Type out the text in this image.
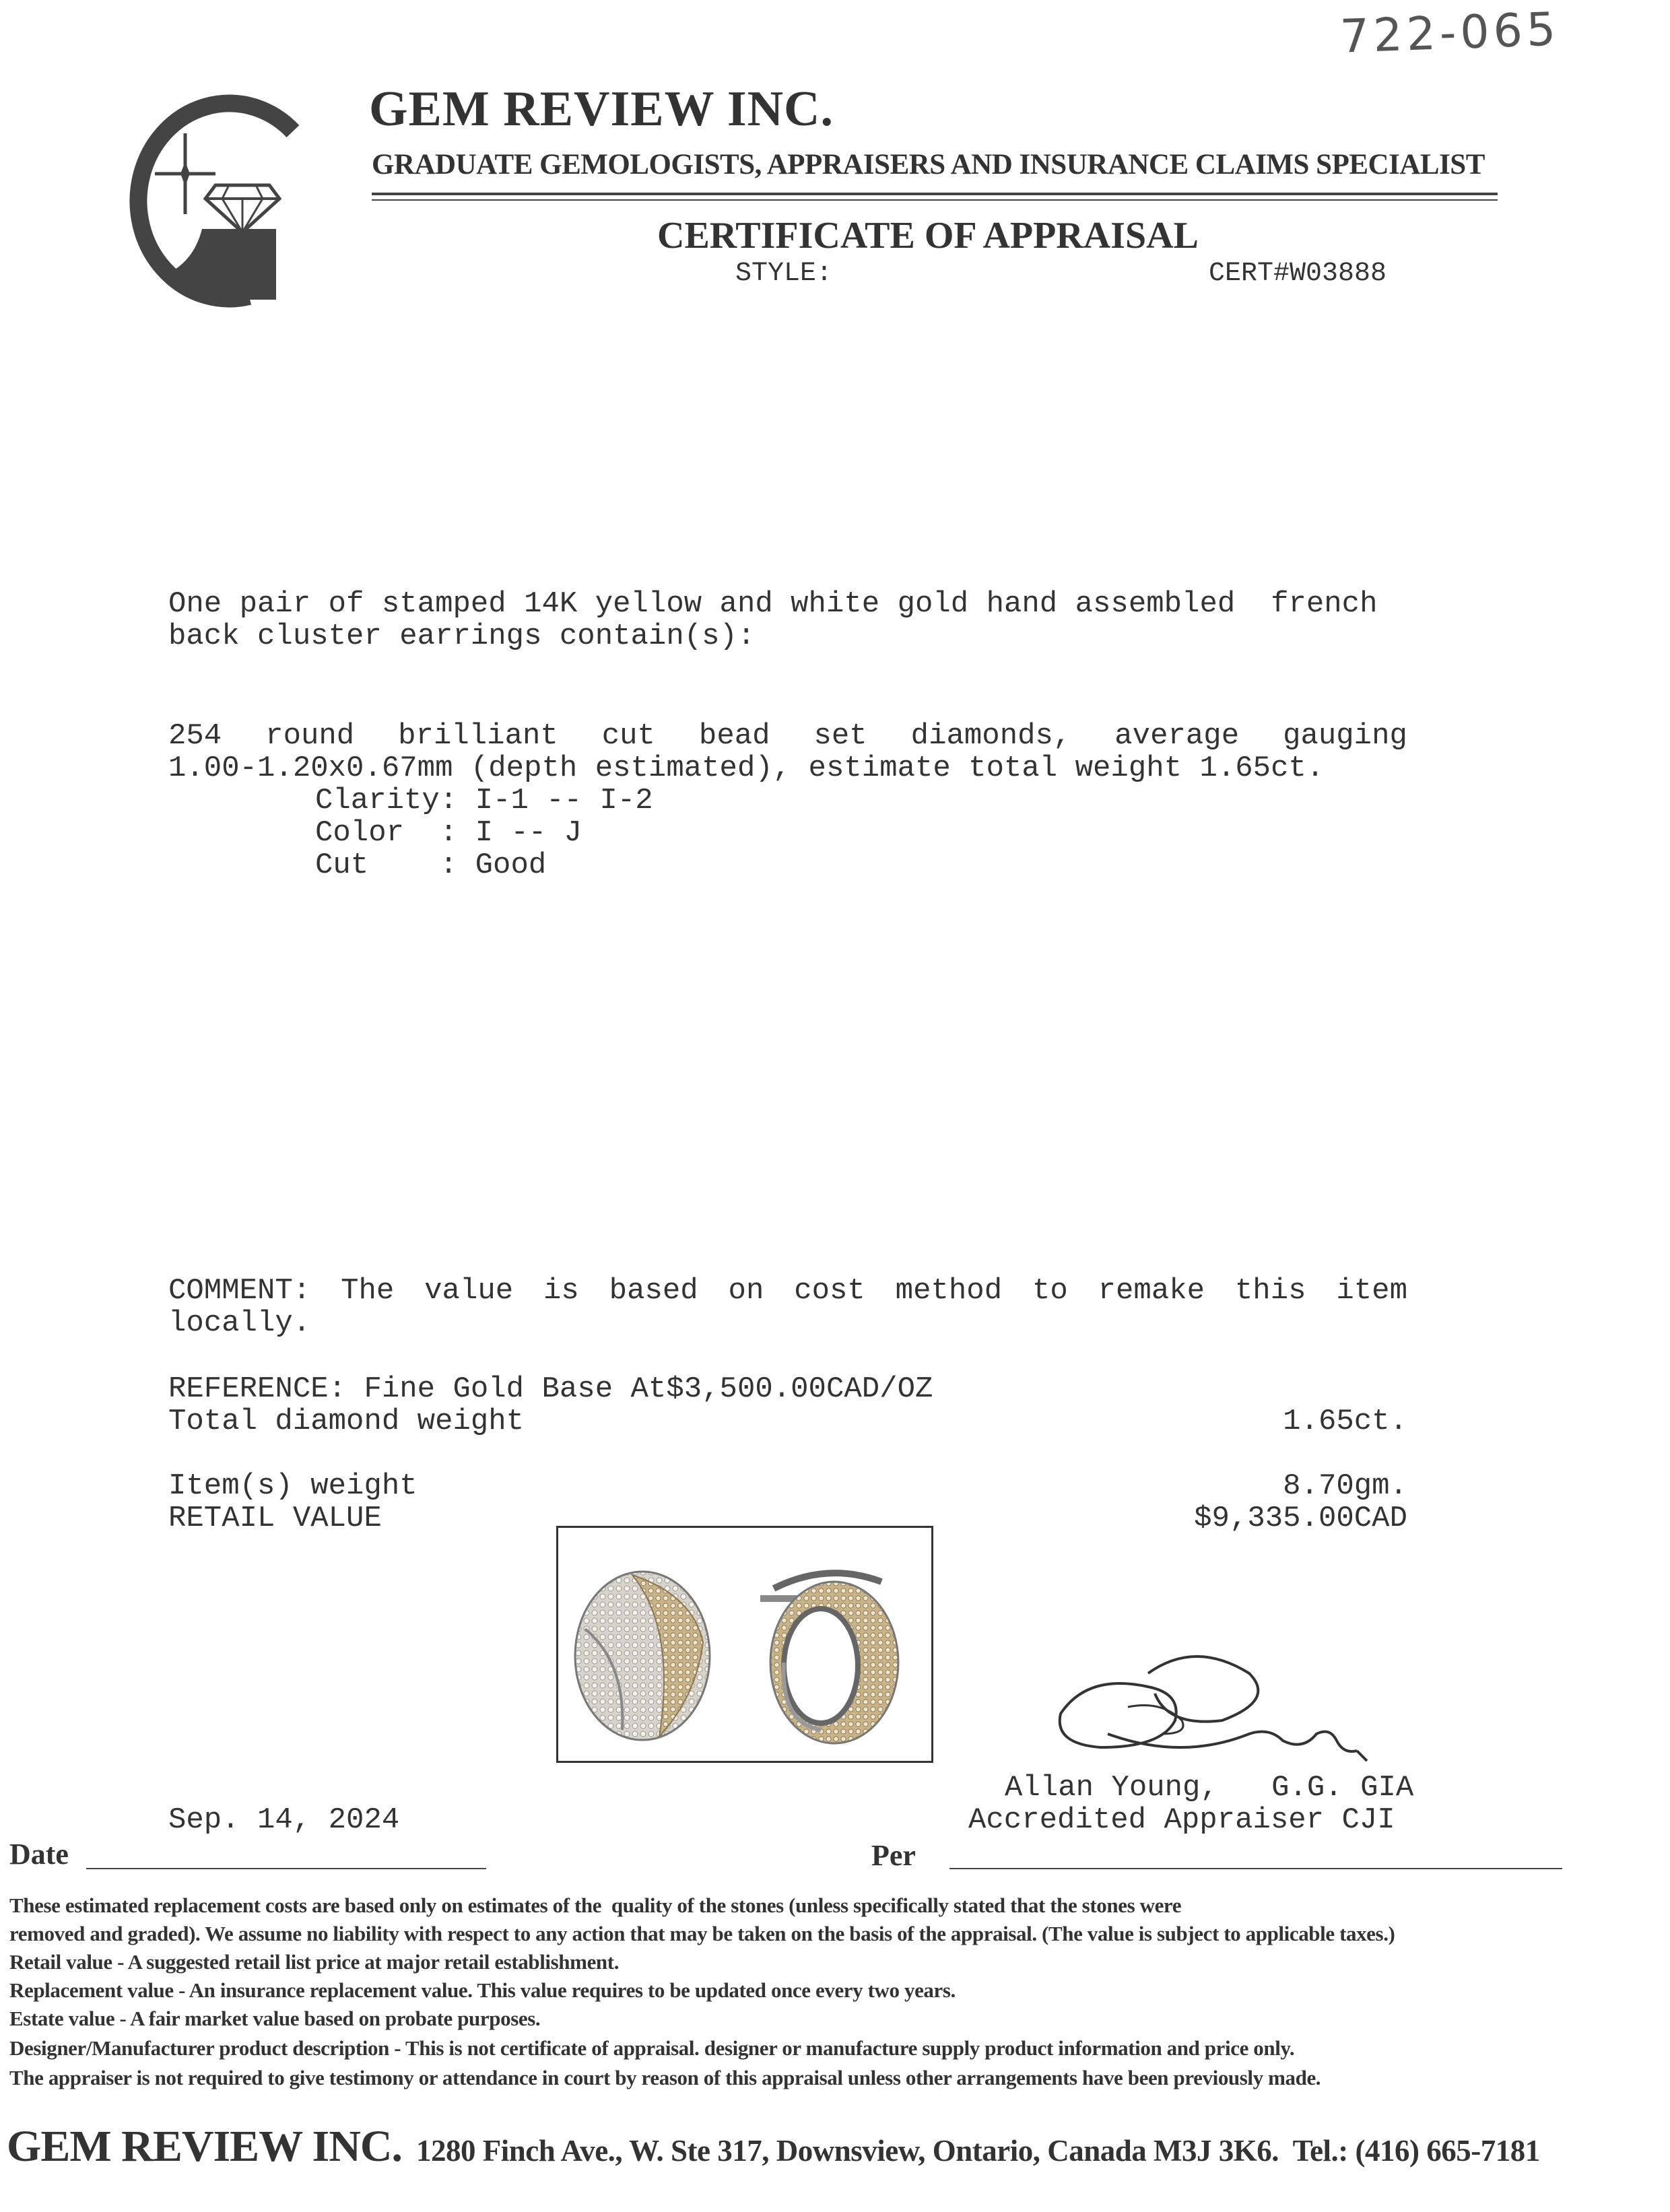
722-065
GEM REVIEW INC.
GRADUATE GEMOLOGISTS, APPRAISERS AND INSURANCE CLAIMS SPECIALIST
CERTIFICATE OF APPRAISAL
STYLE:	CERT#W03888
One pair of stamped 14K yellow and white gold hand assembled  french
back cluster earrings contain(s):
254 round brilliant cut bead set diamonds, average gauging
1.00-1.20x0.67mm (depth estimated), estimate total weight 1.65ct.
Clarity: I-1 -- I-2
Color  : I -- J
Cut    : Good
COMMENT: The value is based on cost method to remake this item
locally.
REFERENCE: Fine Gold Base At$3,500.00CAD/OZ
Total diamond weight	1.65ct.
Item(s) weight	8.70gm.
RETAIL VALUE	$9,335.00CAD
Allan Young,   G.G. GIA
Accredited Appraiser CJI
Sep. 14, 2024
Date	Per
These estimated replacement costs are based only on estimates of the  quality of the stones (unless specifically stated that the stones were
removed and graded). We assume no liability with respect to any action that may be taken on the basis of the appraisal. (The value is subject to applicable taxes.)
Retail value - A suggested retail list price at major retail establishment.
Replacement value - An insurance replacement value. This value requires to be updated once every two years.
Estate value - A fair market value based on probate purposes.
Designer/Manufacturer product description - This is not certificate of appraisal. designer or manufacture supply product information and price only.
The appraiser is not required to give testimony or attendance in court by reason of this appraisal unless other arrangements have been previously made.
GEM REVIEW INC. 1280 Finch Ave., W. Ste 317, Downsview, Ontario, Canada M3J 3K6.  Tel.: (416) 665-7181
